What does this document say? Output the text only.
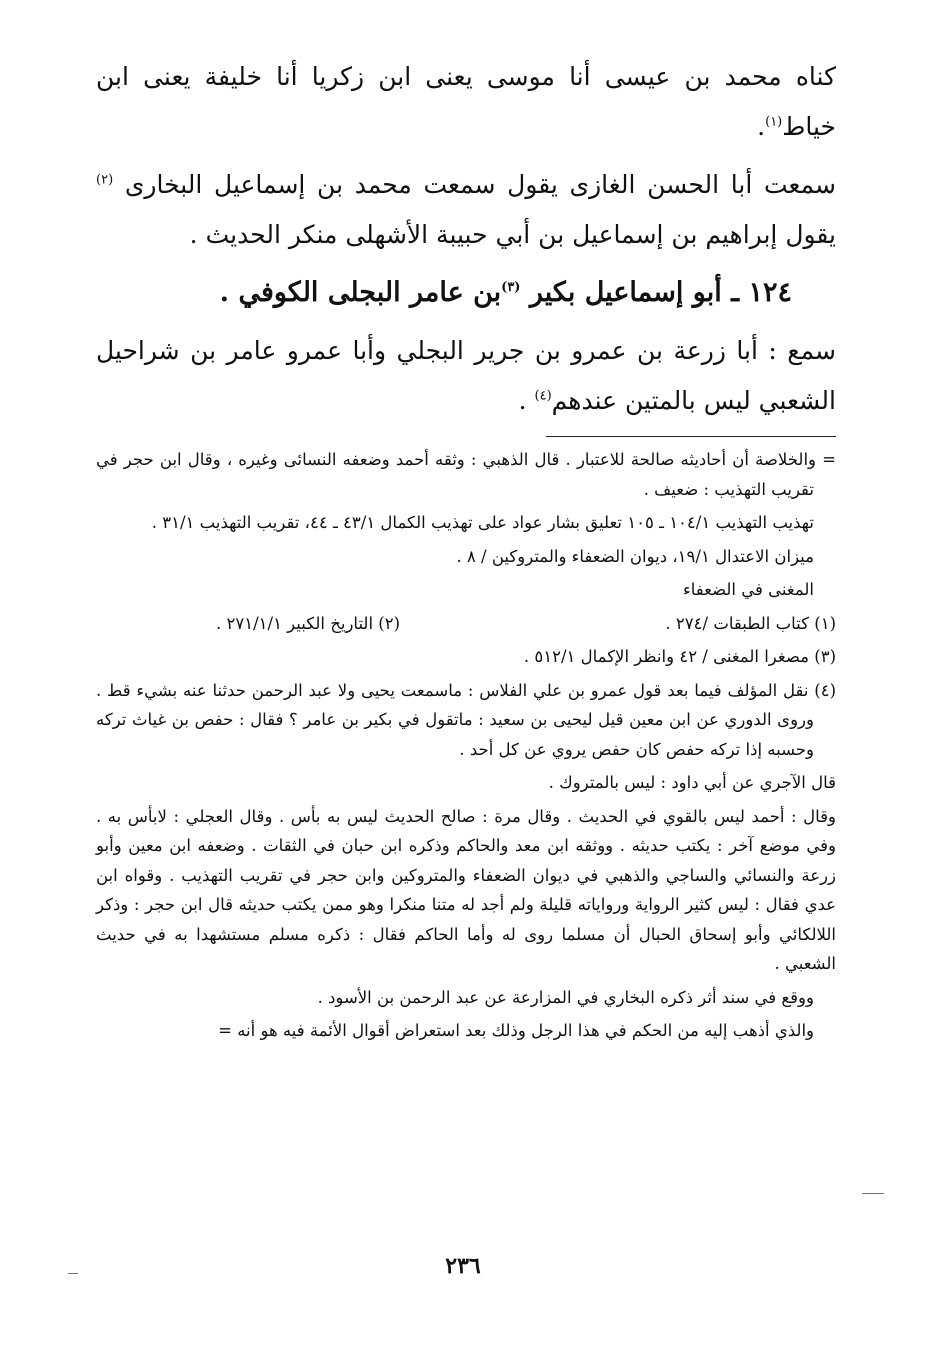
كناه محمد بن عيسى أنا موسى يعنى ابن زكريا أنا خليفة يعنى ابن خياط$^{(١)}$.

سمعت أبا الحسن الغازى يقول سمعت محمد بن إسماعيل البخارى $^{(٢)}$ يقول إبراهيم بن إسماعيل بن أبي حبيبة الأشهلى منكر الحديث .

١٢٤ ـ أبو إسماعيل بكير $^{(٣)}$بن عامر البجلى الكوفي .

سمع : أبا زرعة بن عمرو بن جرير البجلي وأبا عمرو عامر بن شراحيل الشعبي ليس بالمتين عندهم$^{(٤)}$ .

= والخلاصة أن أحاديثه صالحة للاعتبار . قال الذهبي : وثقه أحمد وضعفه النسائى وغيره ، وقال ابن حجر في تقريب التهذيب : ضعيف .

تهذيب التهذيب ١٠٤/١ ـ ١٠٥ تعليق بشار عواد على تهذيب الكمال ٤٣/١ ـ ٤٤، تقريب التهذيب ٣١/١ .

ميزان الاعتدال ١٩/١، ديوان الضعفاء والمتروكين / ٨ .

المغنى في الضعفاء

(١) كتاب الطبقات /٢٧٤ .
(٢) التاريخ الكبير ٢٧١/١/١ .

(٣) مصغرا المغنى / ٤٢ وانظر الإكمال ٥١٢/١ .

(٤) نقل المؤلف فيما بعد قول عمرو بن علي الفلاس : ماسمعت يحيى ولا عبد الرحمن حدثنا عنه بشيء قط . وروى الدوري عن ابن معين قيل ليحيى بن سعيد : ماتقول في بكير بن عامر ؟ فقال : حفص بن غياث تركه وحسبه إذا تركه حفص كان حفص يروي عن كل أحد .

قال الآجري عن أبي داود : ليس بالمتروك .

وقال : أحمد ليس بالقوي في الحديث . وقال مرة : صالح الحديث ليس به بأس . وقال العجلي : لابأس به . وفي موضع آخر : يكتب حديثه . ووثقه ابن معد والحاكم وذكره ابن حبان في الثقات . وضعفه ابن معين وأبو زرعة والنسائي والساجي والذهبي في ديوان الضعفاء والمتروكين وابن حجر في تقريب التهذيب . وقواه ابن عدي فقال : ليس كثير الرواية ورواياته قليلة ولم أجد له متنا منكرا وهو ممن يكتب حديثه قال ابن حجر : وذكر اللالكائي وأبو إسحاق الحبال أن مسلما روى له وأما الحاكم فقال : ذكره مسلم مستشهدا به في حديث الشعبي .

ووقع في سند أثر ذكره البخاري في المزارعة عن عبد الرحمن بن الأسود .

والذي أذهب إليه من الحكم في هذا الرجل وذلك بعد استعراض أقوال الأئمة فيه هو أنه =

٢٣٦
